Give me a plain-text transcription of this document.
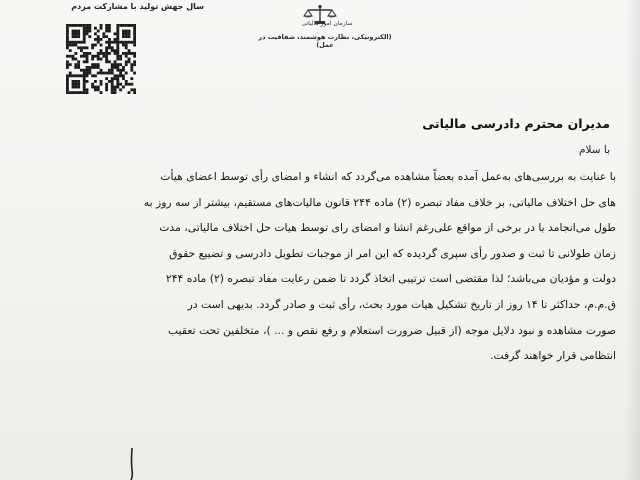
سال جهش تولید با مشارکت مردم
سازمان امور مالیاتی
(الکترونیکی، نظارت هوشمند، شفافیت در عمل)
مدیران محترم دادرسی مالیاتی
با سلام
با عنایت به بررسی‌های به‌عمل آمده بعضاً مشاهده می‌گردد که انشاء و امضای رأی توسط اعضای هیأت
های حل اختلاف مالیاتی، بر خلاف مفاد تبصره (۲) ماده ۲۴۴ قانون مالیات‌های مستقیم، بیشتر از سه روز به
طول می‌انجامد یا در برخی از مواقع علی‌رغم انشا و امضای رای توسط هیات حل اختلاف مالیاتی، مدت
زمان طولانی تا ثبت و صدور رأی سپری گردیده که این امر از موجبات تطویل دادرسی و تضییع حقوق
دولت و مؤدیان می‌باشد؛ لذا مقتضی است ترتیبی اتخاذ گردد تا ضمن رعایت مفاد تبصره (۲) ماده ۲۴۴
ق.م.م، حداکثر تا ۱۴ روز از تاریخ تشکیل هیات مورد بحث، رأی ثبت و صادر گردد. بدیهی است در
صورت مشاهده و نبود دلایل موجه (از قبیل ضرورت استعلام و رفع نقص و ... )، متخلفین تحت تعقیب
انتظامی قرار خواهند گرفت.
